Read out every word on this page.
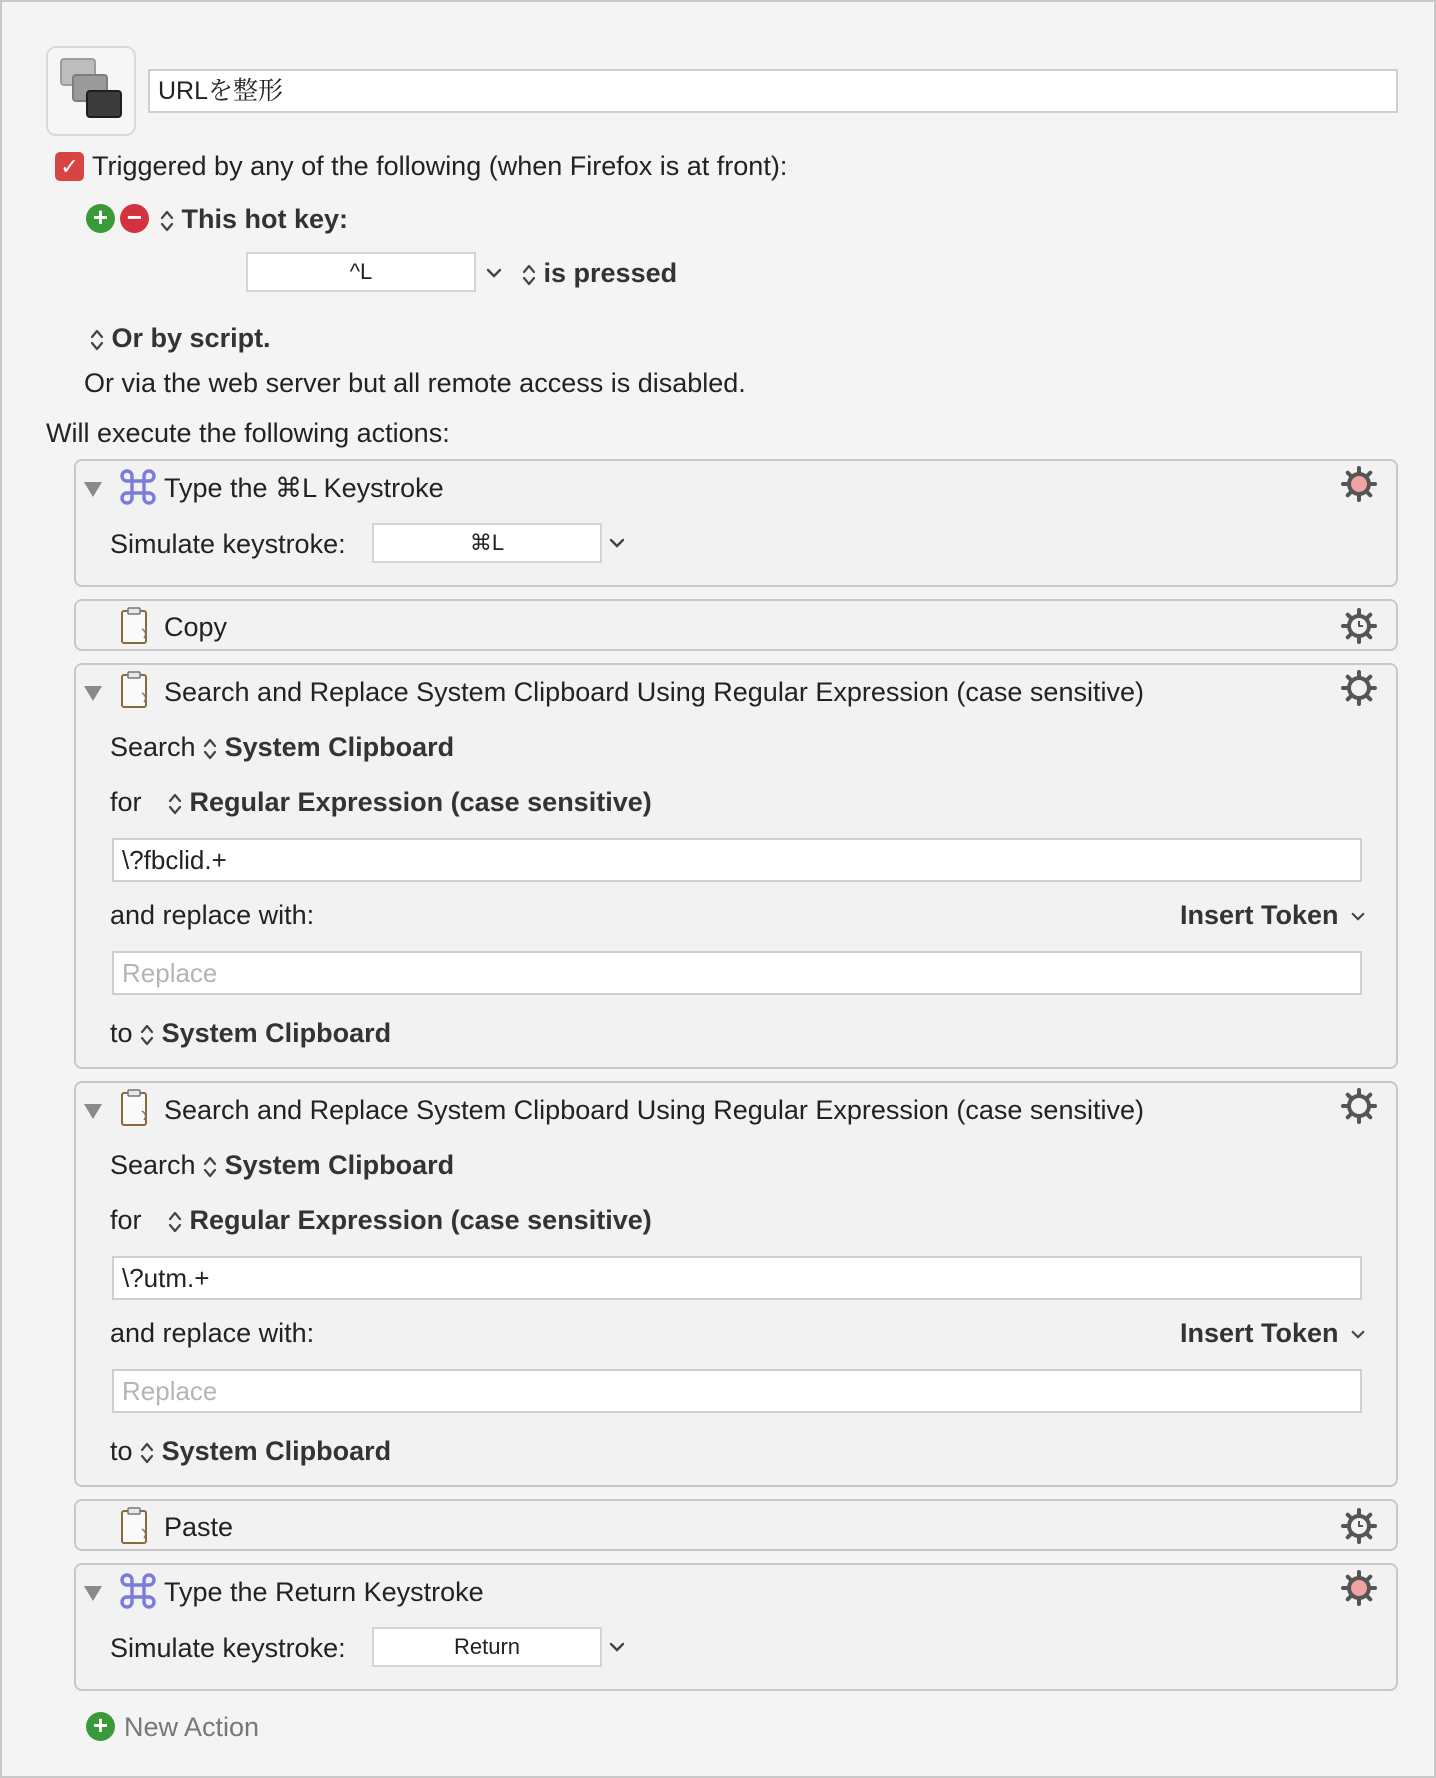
URLを整形
✓ Triggered by any of the following (when Firefox is at front):
+ −	This hot key:
^L	is pressed
Or by script.
Or via the web server but all remote access is disabled.
Will execute the following actions:
Type the ⌘L Keystroke
Simulate keystroke:	⌘L
Copy
Search and Replace System Clipboard Using Regular Expression (case sensitive)
Search System Clipboard
for	Regular Expression (case sensitive)
\?fbclid.+
and replace with:	Insert Token
Replace
to System Clipboard
Search and Replace System Clipboard Using Regular Expression (case sensitive)
Search System Clipboard
for	Regular Expression (case sensitive)
\?utm.+
and replace with:	Insert Token
Replace
to System Clipboard
Paste
Type the Return Keystroke
Simulate keystroke:	Return
+ New Action
